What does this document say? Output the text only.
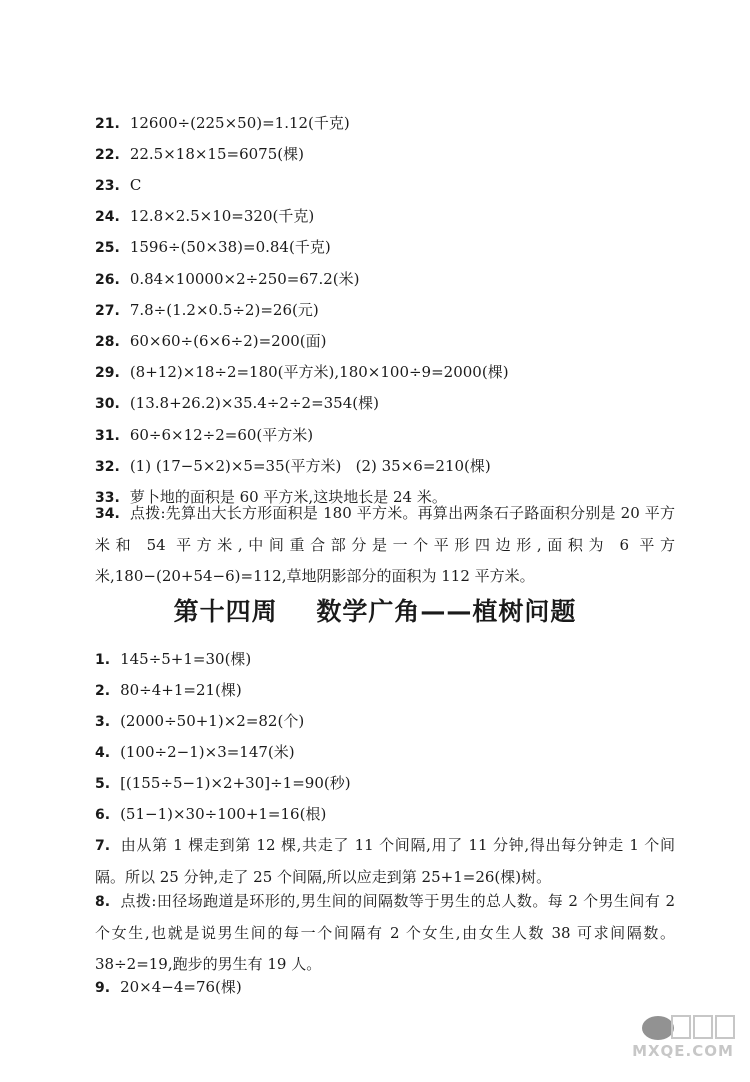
21. 12600÷(225×50)=1.12(千克)
22. 22.5×18×15=6075(棵)
23. C
24. 12.8×2.5×10=320(千克)
25. 1596÷(50×38)=0.84(千克)
26. 0.84×10000×2÷250=67.2(米)
27. 7.8÷(1.2×0.5÷2)=26(元)
28. 60×60÷(6×6÷2)=200(面)
29. (8+12)×18÷2=180(平方米),180×100÷9=2000(棵)
30. (13.8+26.2)×35.4÷2÷2=354(棵)
31. 60÷6×12÷2=60(平方米)
32. (1) (17−5×2)×5=35(平方米)   (2) 35×6=210(棵)
33. 萝卜地的面积是 60 平方米,这块地长是 24 米。
34. 点拨:先算出大长方形面积是 180 平方米。再算出两条石子路面积分别是 20 平方米和 54 平方米,中间重合部分是一个平形四边形,面积为 6 平方米,180−(20+54−6)=112,草地阴影部分的面积为 112 平方米。
第十四周    数学广角——植树问题
1. 145÷5+1=30(棵)
2. 80÷4+1=21(棵)
3. (2000÷50+1)×2=82(个)
4. (100÷2−1)×3=147(米)
5. [(155÷5−1)×2+30]÷1=90(秒)
6. (51−1)×30÷100+1=16(根)
7. 由从第 1 棵走到第 12 棵,共走了 11 个间隔,用了 11 分钟,得出每分钟走 1 个间隔。所以 25 分钟,走了 25 个间隔,所以应走到第 25+1=26(棵)树。
8. 点拨:田径场跑道是环形的,男生间的间隔数等于男生的总人数。每 2 个男生间有 2 个女生,也就是说男生间的每一个间隔有 2 个女生,由女生人数 38 可求间隔数。38÷2=19,跑步的男生有 19 人。
9. 20×4−4=76(棵)
MXQE.COM
